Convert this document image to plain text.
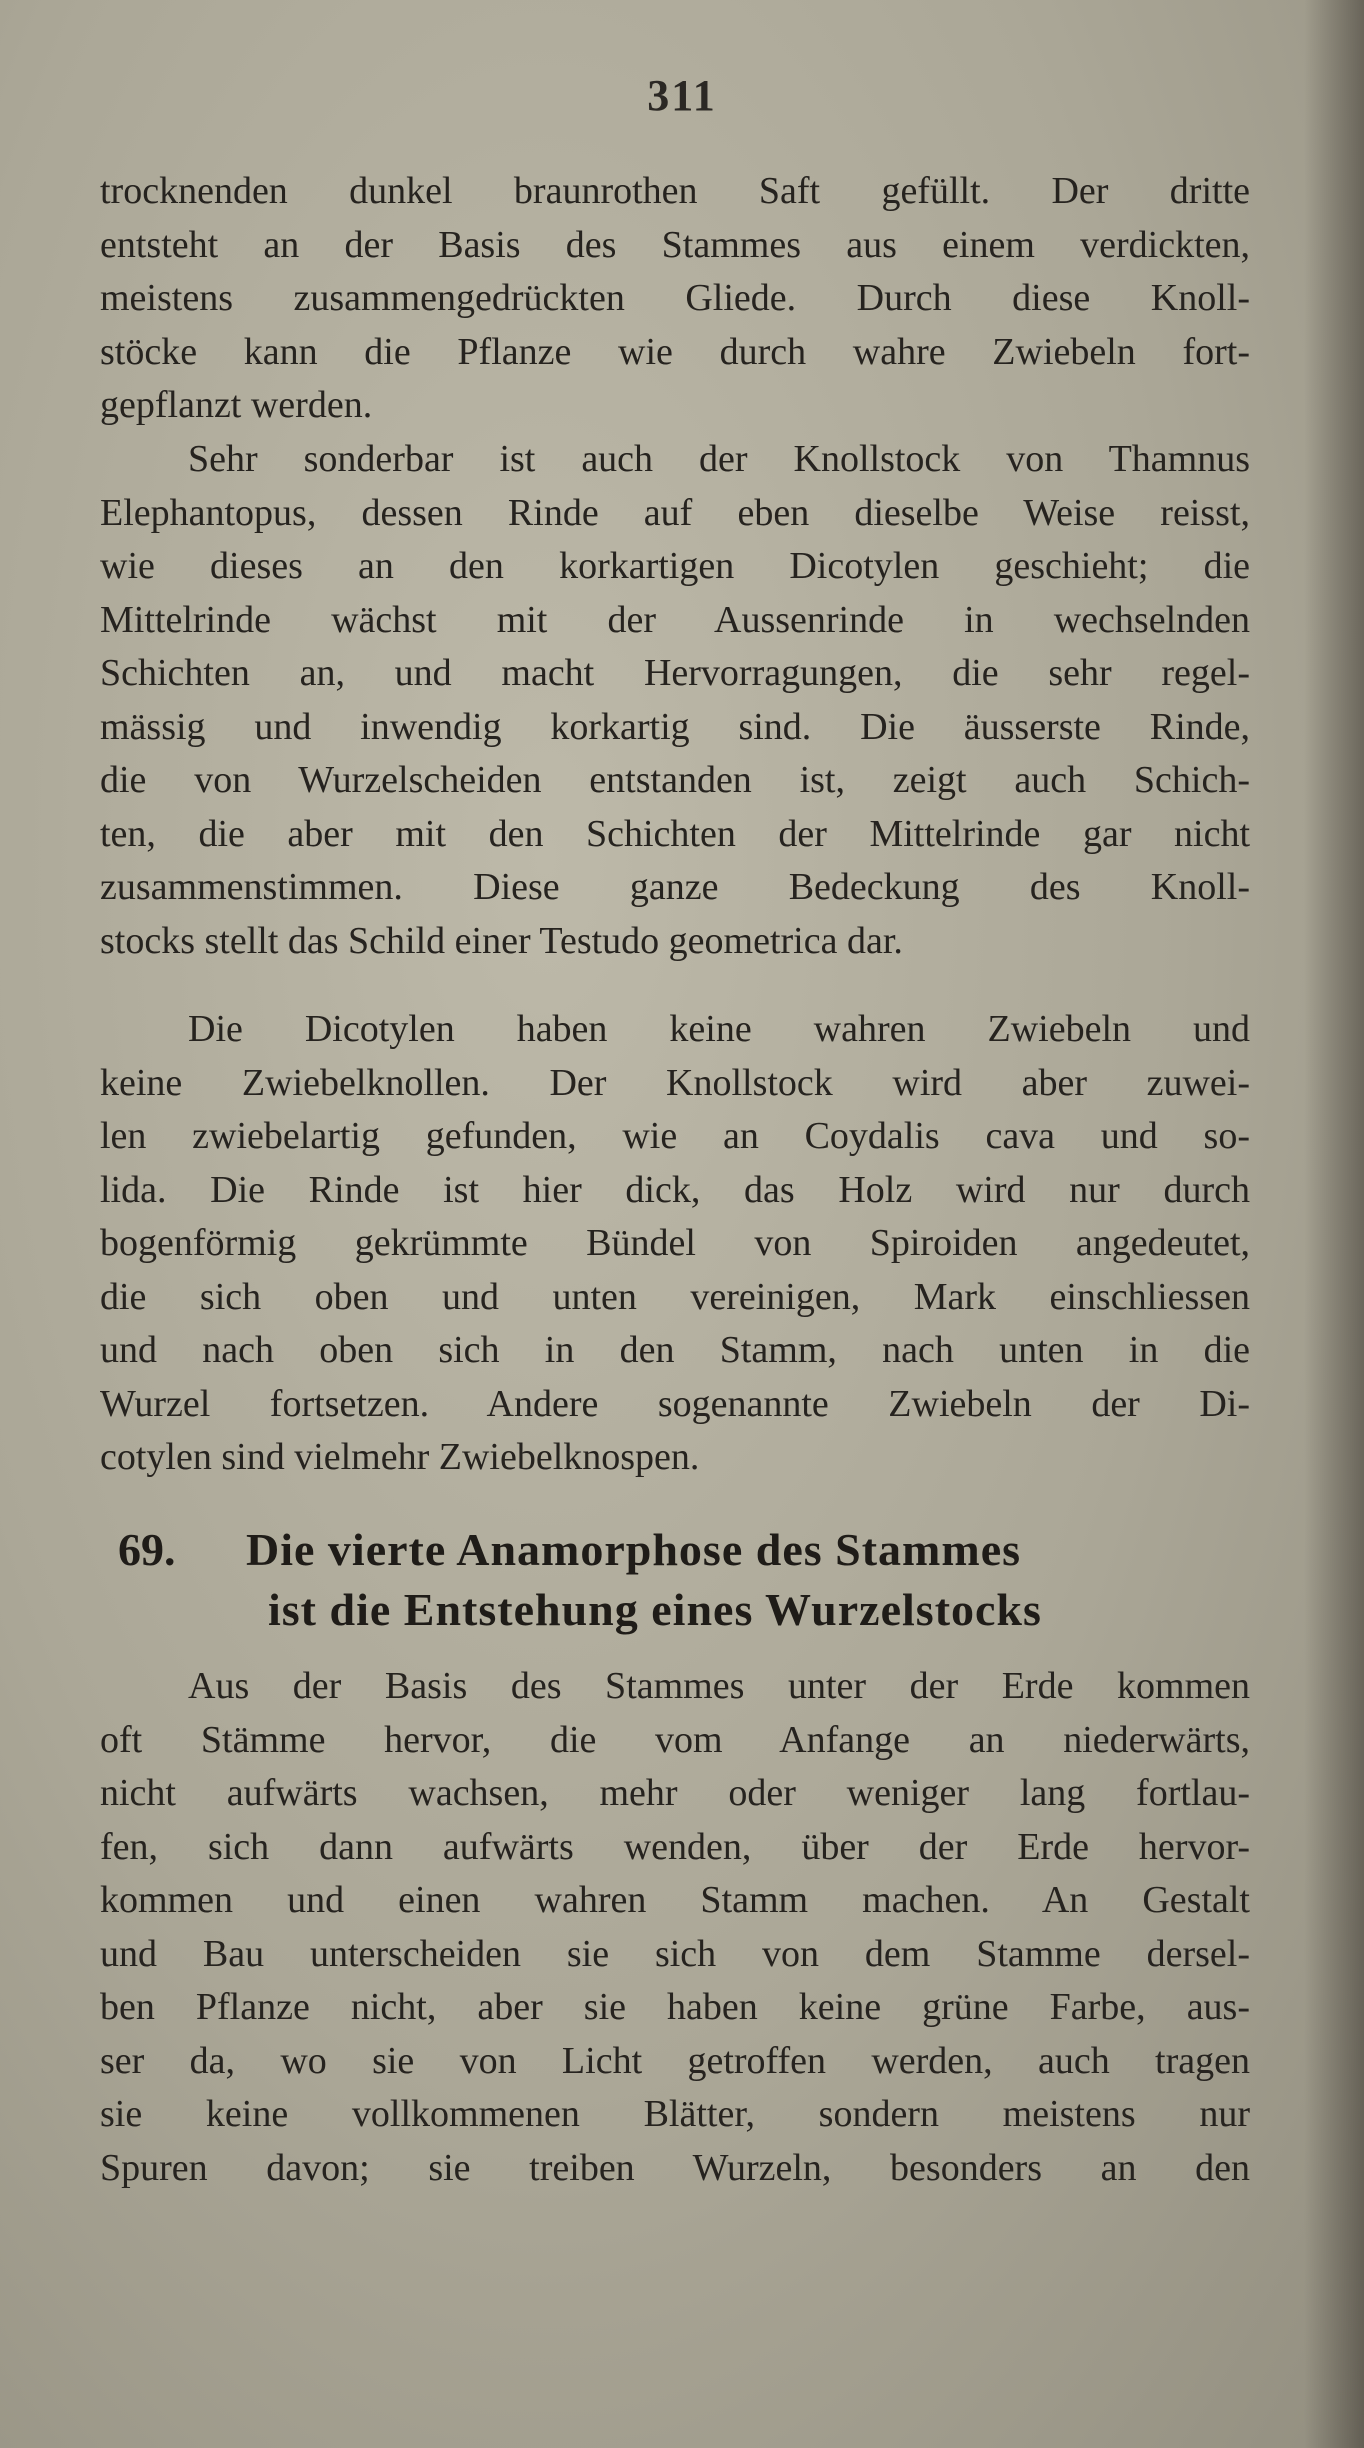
311
trocknenden dunkel braunrothen Saft gefüllt. Der dritte
entsteht an der Basis des Stammes aus einem verdickten,
meistens zusammengedrückten Gliede. Durch diese Knoll-
stöcke kann die Pflanze wie durch wahre Zwiebeln fort-
gepflanzt werden.
Sehr sonderbar ist auch der Knollstock von Thamnus
Elephantopus, dessen Rinde auf eben dieselbe Weise reisst,
wie dieses an den korkartigen Dicotylen geschieht; die
Mittelrinde wächst mit der Aussenrinde in wechselnden
Schichten an, und macht Hervorragungen, die sehr regel-
mässig und inwendig korkartig sind. Die äusserste Rinde,
die von Wurzelscheiden entstanden ist, zeigt auch Schich-
ten, die aber mit den Schichten der Mittelrinde gar nicht
zusammenstimmen. Diese ganze Bedeckung des Knoll-
stocks stellt das Schild einer Testudo geometrica dar.
Die Dicotylen haben keine wahren Zwiebeln und
keine Zwiebelknollen. Der Knollstock wird aber zuwei-
len zwiebelartig gefunden, wie an Coydalis cava und so-
lida. Die Rinde ist hier dick, das Holz wird nur durch
bogenförmig gekrümmte Bündel von Spiroiden angedeutet,
die sich oben und unten vereinigen, Mark einschliessen
und nach oben sich in den Stamm, nach unten in die
Wurzel fortsetzen. Andere sogenannte Zwiebeln der Di-
cotylen sind vielmehr Zwiebelknospen.
69. Die vierte Anamorphose des Stammes
ist die Entstehung eines Wurzelstocks
Aus der Basis des Stammes unter der Erde kommen
oft Stämme hervor, die vom Anfange an niederwärts,
nicht aufwärts wachsen, mehr oder weniger lang fortlau-
fen, sich dann aufwärts wenden, über der Erde hervor-
kommen und einen wahren Stamm machen. An Gestalt
und Bau unterscheiden sie sich von dem Stamme dersel-
ben Pflanze nicht, aber sie haben keine grüne Farbe, aus-
ser da, wo sie von Licht getroffen werden, auch tragen
sie keine vollkommenen Blätter, sondern meistens nur
Spuren davon; sie treiben Wurzeln, besonders an den
